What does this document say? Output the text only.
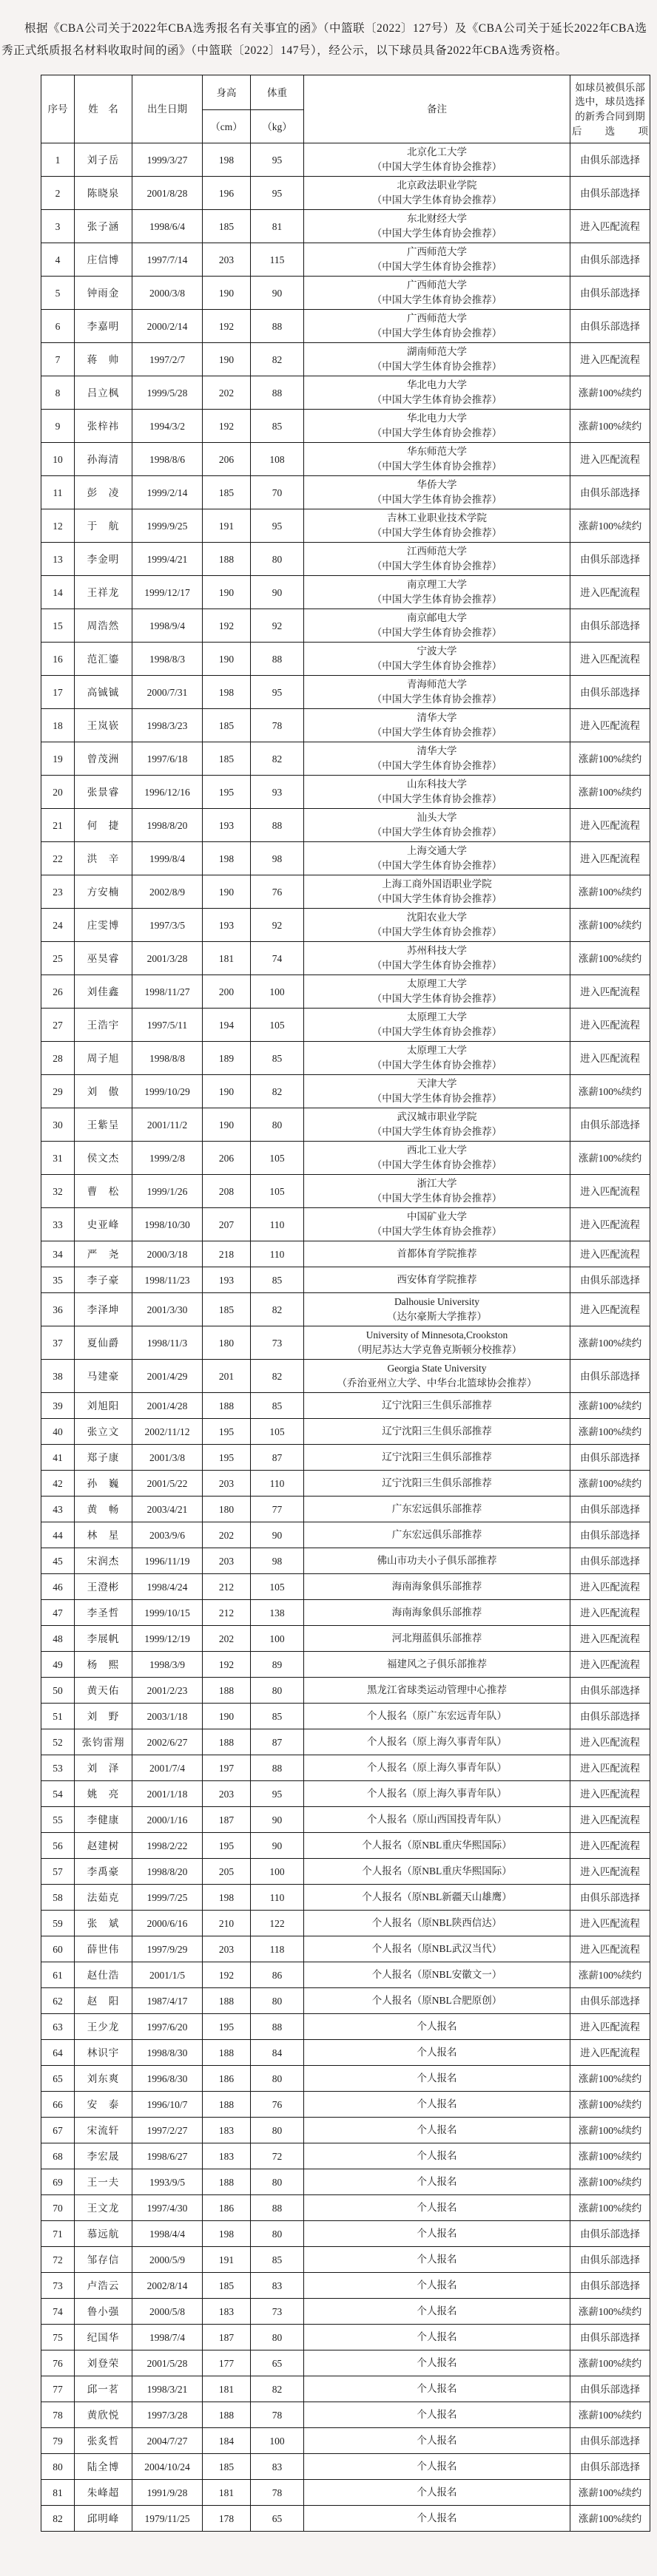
根据《CBA公司关于2022年CBA选秀报名有关事宜的函》（中篮联〔2022〕127号）及《CBA公司关于延长2022年CBA选秀正式纸质报名材料收取时间的函》（中篮联〔2022〕147号），经公示，以下球员具备2022年CBA选秀资格。

序号	姓　名	出生日期	身高	体重	备注	如球员被俱乐部选中，球员选择的新秀合同到期后选项
			（cm）	（kg）		
1	刘子岳	1999/3/27	198	95	北京化工大学
（中国大学生体育协会推荐）	由俱乐部选择
2	陈晓泉	2001/8/28	196	95	北京政法职业学院
（中国大学生体育协会推荐）	由俱乐部选择
3	张子涵	1998/6/4	185	81	东北财经大学
（中国大学生体育协会推荐）	进入匹配流程
4	庄信博	1997/7/14	203	115	广西师范大学
（中国大学生体育协会推荐）	由俱乐部选择
5	钟雨金	2000/3/8	190	90	广西师范大学
（中国大学生体育协会推荐）	由俱乐部选择
6	李嘉明	2000/2/14	192	88	广西师范大学
（中国大学生体育协会推荐）	由俱乐部选择
7	蒋　帅	1997/2/7	190	82	湖南师范大学
（中国大学生体育协会推荐）	进入匹配流程
8	吕立枫	1999/5/28	202	88	华北电力大学
（中国大学生体育协会推荐）	涨薪100%续约
9	张梓祎	1994/3/2	192	85	华北电力大学
（中国大学生体育协会推荐）	涨薪100%续约
10	孙海清	1998/8/6	206	108	华东师范大学
（中国大学生体育协会推荐）	进入匹配流程
11	彭　凌	1999/2/14	185	70	华侨大学
（中国大学生体育协会推荐）	由俱乐部选择
12	于　航	1999/9/25	191	95	吉林工业职业技术学院
（中国大学生体育协会推荐）	涨薪100%续约
13	李金明	1999/4/21	188	80	江西师范大学
（中国大学生体育协会推荐）	由俱乐部选择
14	王祥龙	1999/12/17	190	90	南京理工大学
（中国大学生体育协会推荐）	进入匹配流程
15	周浩然	1998/9/4	192	92	南京邮电大学
（中国大学生体育协会推荐）	由俱乐部选择
16	范汇鎏	1998/8/3	190	88	宁波大学
（中国大学生体育协会推荐）	进入匹配流程
17	高铖铖	2000/7/31	198	95	青海师范大学
（中国大学生体育协会推荐）	由俱乐部选择
18	王岚嵚	1998/3/23	185	78	清华大学
（中国大学生体育协会推荐）	进入匹配流程
19	曾茂洲	1997/6/18	185	82	清华大学
（中国大学生体育协会推荐）	涨薪100%续约
20	张景睿	1996/12/16	195	93	山东科技大学
（中国大学生体育协会推荐）	涨薪100%续约
21	何　捷	1998/8/20	193	88	汕头大学
（中国大学生体育协会推荐）	进入匹配流程
22	洪　辛	1999/8/4	198	98	上海交通大学
（中国大学生体育协会推荐）	进入匹配流程
23	方安楠	2002/8/9	190	76	上海工商外国语职业学院
（中国大学生体育协会推荐）	涨薪100%续约
24	庄雯博	1997/3/5	193	92	沈阳农业大学
（中国大学生体育协会推荐）	涨薪100%续约
25	巫昊睿	2001/3/28	181	74	苏州科技大学
（中国大学生体育协会推荐）	涨薪100%续约
26	刘佳鑫	1998/11/27	200	100	太原理工大学
（中国大学生体育协会推荐）	进入匹配流程
27	王浩宇	1997/5/11	194	105	太原理工大学
（中国大学生体育协会推荐）	进入匹配流程
28	周子旭	1998/8/8	189	85	太原理工大学
（中国大学生体育协会推荐）	进入匹配流程
29	刘　傲	1999/10/29	190	82	天津大学
（中国大学生体育协会推荐）	涨薪100%续约
30	王紫呈	2001/11/2	190	80	武汉城市职业学院
（中国大学生体育协会推荐）	由俱乐部选择
31	侯文杰	1999/2/8	206	105	西北工业大学
（中国大学生体育协会推荐）	涨薪100%续约
32	曹　松	1999/1/26	208	105	浙江大学
（中国大学生体育协会推荐）	进入匹配流程
33	史亚峰	1998/10/30	207	110	中国矿业大学
（中国大学生体育协会推荐）	进入匹配流程
34	严　尧	2000/3/18	218	110	首都体育学院推荐	进入匹配流程
35	李子豪	1998/11/23	193	85	西安体育学院推荐	由俱乐部选择
36	李泽坤	2001/3/30	185	82	Dalhousie University
（达尔豪斯大学推荐）	进入匹配流程
37	夏仙爵	1998/11/3	180	73	University of Minnesota,Crookston
（明尼苏达大学克鲁克斯顿分校推荐）	涨薪100%续约
38	马建豪	2001/4/29	201	82	Georgia State University
（乔治亚州立大学、中华台北篮球协会推荐）	由俱乐部选择
39	刘旭阳	2001/4/28	188	85	辽宁沈阳三生俱乐部推荐	涨薪100%续约
40	张立文	2002/11/12	195	105	辽宁沈阳三生俱乐部推荐	涨薪100%续约
41	郑子康	2001/3/8	195	87	辽宁沈阳三生俱乐部推荐	由俱乐部选择
42	孙　巍	2001/5/22	203	110	辽宁沈阳三生俱乐部推荐	涨薪100%续约
43	黄　畅	2003/4/21	180	77	广东宏远俱乐部推荐	由俱乐部选择
44	林　星	2003/9/6	202	90	广东宏远俱乐部推荐	由俱乐部选择
45	宋润杰	1996/11/19	203	98	佛山市功夫小子俱乐部推荐	由俱乐部选择
46	王澄彬	1998/4/24	212	105	海南海象俱乐部推荐	进入匹配流程
47	李圣哲	1999/10/15	212	138	海南海象俱乐部推荐	进入匹配流程
48	李展帆	1999/12/19	202	100	河北翔蓝俱乐部推荐	进入匹配流程
49	杨　熙	1998/3/9	192	89	福建风之子俱乐部推荐	进入匹配流程
50	黄天佑	2001/2/23	188	80	黑龙江省球类运动管理中心推荐	由俱乐部选择
51	刘　野	2003/1/18	190	85	个人报名（原广东宏远青年队）	由俱乐部选择
52	张钧雷翔	2002/6/27	188	87	个人报名（原上海久事青年队）	进入匹配流程
53	刘　泽	2001/7/4	197	88	个人报名（原上海久事青年队）	进入匹配流程
54	姚　亮	2001/1/18	203	95	个人报名（原上海久事青年队）	进入匹配流程
55	李健康	2000/1/16	187	90	个人报名（原山西国投青年队）	进入匹配流程
56	赵建树	1998/2/22	195	90	个人报名（原NBL重庆华熙国际）	进入匹配流程
57	李禹豪	1998/8/20	205	100	个人报名（原NBL重庆华熙国际）	进入匹配流程
58	法茹克	1999/7/25	198	110	个人报名（原NBL新疆天山雄鹰）	由俱乐部选择
59	张　斌	2000/6/16	210	122	个人报名（原NBL陕西信达）	进入匹配流程
60	薛世伟	1997/9/29	203	118	个人报名（原NBL武汉当代）	进入匹配流程
61	赵仕浩	2001/1/5	192	86	个人报名（原NBL安徽文一）	涨薪100%续约
62	赵　阳	1987/4/17	188	80	个人报名（原NBL合肥原创）	由俱乐部选择
63	王少龙	1997/6/20	195	88	个人报名	进入匹配流程
64	林识宇	1998/8/30	188	84	个人报名	进入匹配流程
65	刘东爽	1996/8/30	186	80	个人报名	涨薪100%续约
66	安　泰	1996/10/7	188	76	个人报名	涨薪100%续约
67	宋流轩	1997/2/27	183	80	个人报名	涨薪100%续约
68	李宏晟	1998/6/27	183	72	个人报名	涨薪100%续约
69	王一夫	1993/9/5	188	80	个人报名	涨薪100%续约
70	王文龙	1997/4/30	186	88	个人报名	涨薪100%续约
71	慕远航	1998/4/4	198	80	个人报名	由俱乐部选择
72	邹存信	2000/5/9	191	85	个人报名	由俱乐部选择
73	卢浩云	2002/8/14	185	83	个人报名	由俱乐部选择
74	鲁小强	2000/5/8	183	73	个人报名	涨薪100%续约
75	纪国华	1998/7/4	187	80	个人报名	由俱乐部选择
76	刘登荣	2001/5/28	177	65	个人报名	涨薪100%续约
77	邱一茗	1998/3/21	181	82	个人报名	由俱乐部选择
78	黄欣悦	1997/3/28	188	78	个人报名	涨薪100%续约
79	张炙哲	2004/7/27	184	100	个人报名	由俱乐部选择
80	陆全博	2004/10/24	185	83	个人报名	由俱乐部选择
81	朱峰超	1991/9/28	181	78	个人报名	涨薪100%续约
82	邱明峰	1979/11/25	178	65	个人报名	涨薪100%续约
